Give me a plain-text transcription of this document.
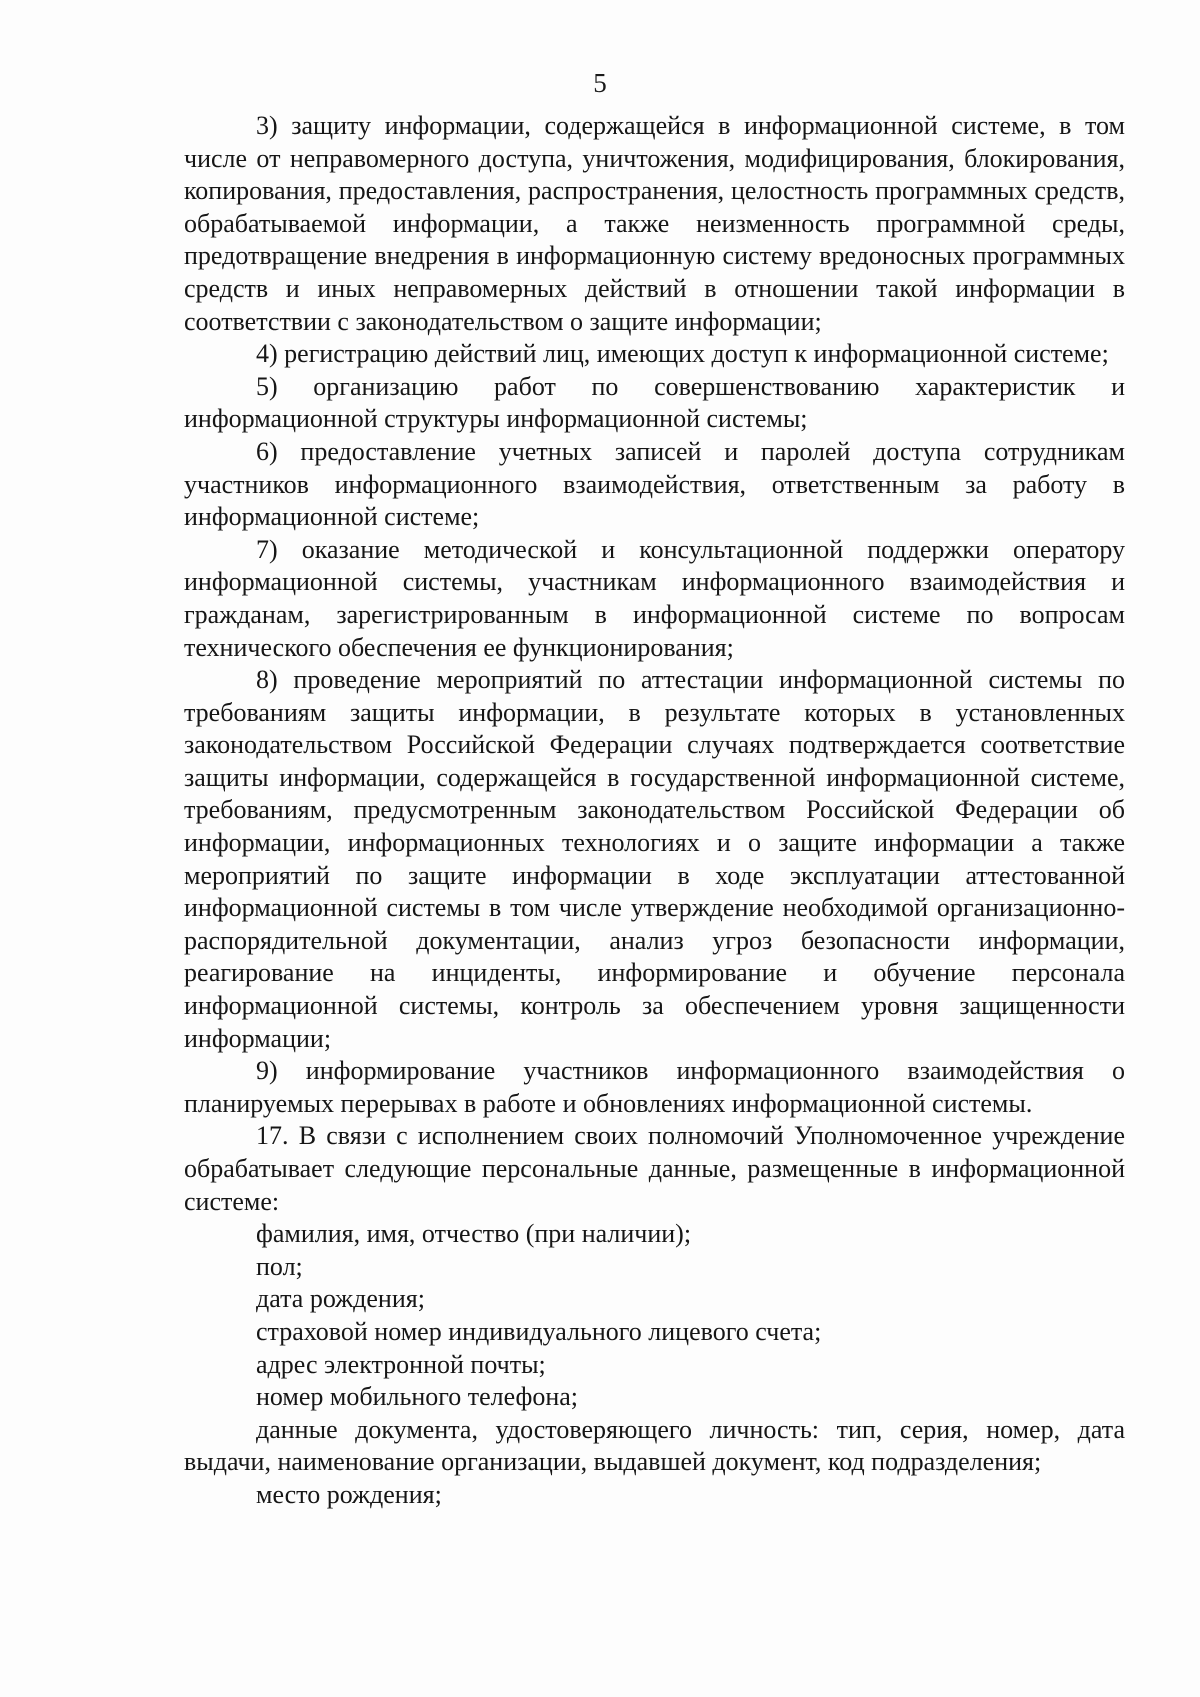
5

3) защиту информации, содержащейся в информационной системе, в том числе от неправомерного доступа, уничтожения, модифицирования, блокирования, копирования, предоставления, распространения, целостность программных средств, обрабатываемой информации, а также неизменность программной среды, предотвращение внедрения в информационную систему вредоносных программных средств и иных неправомерных действий в отношении такой информации в соответствии с законодательством о защите информации;

4) регистрацию действий лиц, имеющих доступ к информационной системе;

5) организацию работ по совершенствованию характеристик и информационной структуры информационной системы;

6) предоставление учетных записей и паролей доступа сотрудникам участников информационного взаимодействия, ответственным за работу в информационной системе;

7) оказание методической и консультационной поддержки оператору информационной системы, участникам информационного взаимодействия и гражданам, зарегистрированным в информационной системе по вопросам технического обеспечения ее функционирования;

8) проведение мероприятий по аттестации информационной системы по требованиям защиты информации, в результате которых в установленных законодательством Российской Федерации случаях подтверждается соответствие защиты информации, содержащейся в государственной информационной системе, требованиям, предусмотренным законодательством Российской Федерации об информации, информационных технологиях и о защите информации а также мероприятий по защите информации в ходе эксплуатации аттестованной информационной системы в том числе утверждение необходимой организационно-распорядительной документации, анализ угроз безопасности информации, реагирование на инциденты, информирование и обучение персонала информационной системы, контроль за обеспечением уровня защищенности информации;

9) информирование участников информационного взаимодействия о планируемых перерывах в работе и обновлениях информационной системы.

17. В связи с исполнением своих полномочий Уполномоченное учреждение обрабатывает следующие персональные данные, размещенные в информационной системе:

фамилия, имя, отчество (при наличии);

пол;

дата рождения;

страховой номер индивидуального лицевого счета;

адрес электронной почты;

номер мобильного телефона;

данные документа, удостоверяющего личность: тип, серия, номер, дата выдачи, наименование организации, выдавшей документ, код подразделения;

место рождения;
